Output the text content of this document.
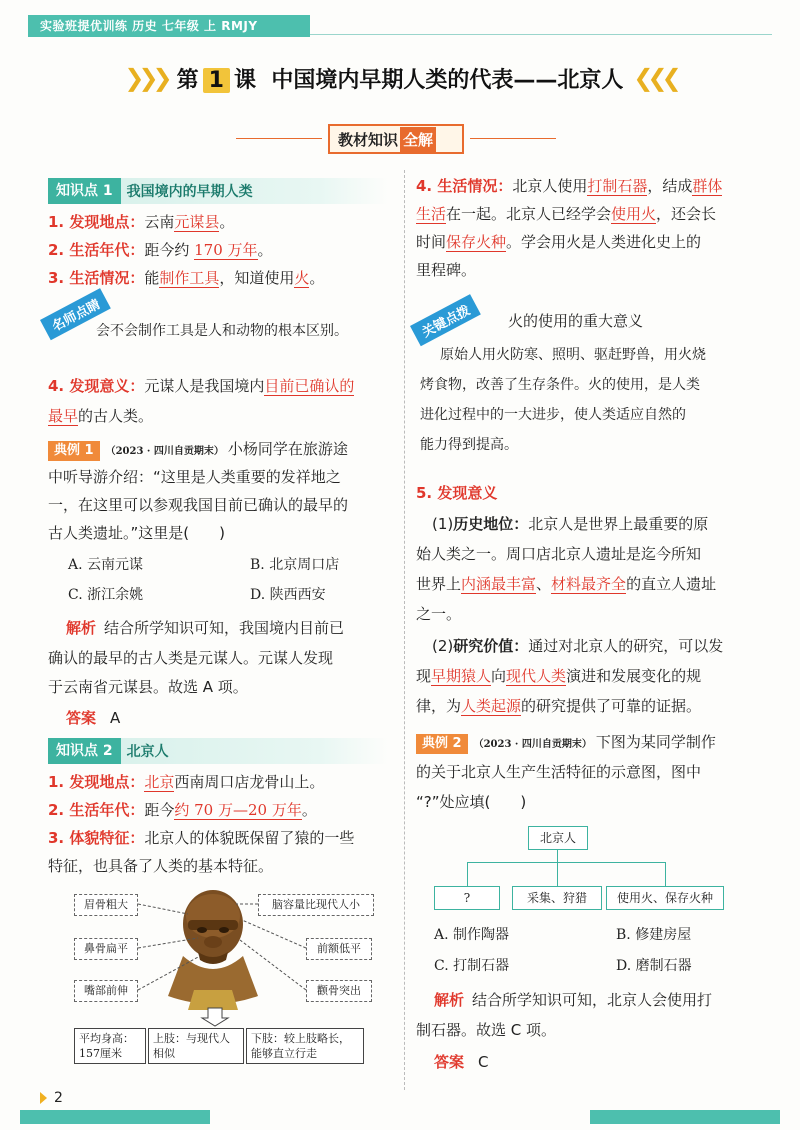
实验班提优训练 历史 七年级 上 RMJY
❯❯❯ 第 1 课 中国境内早期人类的代表——北京人 ❮❮❮
教材知识 全解
知识点 1	我国境内的早期人类
1. 发现地点：云南元谋县。
2. 生活年代：距今约 170 万年。
3. 生活情况：能制作工具，知道使用火。
名师点睛
会不会制作工具是人和动物的根本区别。
4. 发现意义：元谋人是我国境内目前已确认的
最早的古人类。
典例 1 （2023 · 四川自贡期末） 小杨同学在旅游途
中听导游介绍：“这里是人类重要的发祥地之
一，在这里可以参观我国目前已确认的最早的
古人类遗址。”这里是(　　)
A. 云南元谋	B. 北京周口店
C. 浙江余姚	D. 陕西西安
解析 结合所学知识可知，我国境内目前已
确认的最早的古人类是元谋人。元谋人发现
于云南省元谋县。故选 A 项。
答案 A
知识点 2	北京人
1. 发现地点：北京西南周口店龙骨山上。
2. 生活年代：距今约 70 万—20 万年。
3. 体貌特征：北京人的体貌既保留了猿的一些
特征，也具备了人类的基本特征。
眉骨粗大
鼻骨扁平
嘴部前伸
脑容量比现代人小
前额低平
颧骨突出
平均身高：
157厘米
上肢：与现代人
相似
下肢：较上肢略长，
能够直立行走
4. 生活情况：北京人使用打制石器，结成群体
生活在一起。北京人已经学会使用火，还会长
时间保存火种。学会用火是人类进化史上的
里程碑。
关键点拨	火的使用的重大意义
原始人用火防寒、照明、驱赶野兽，用火烧
烤食物，改善了生存条件。火的使用，是人类
进化过程中的一大进步，使人类适应自然的
能力得到提高。
5. 发现意义
(1)历史地位：北京人是世界上最重要的原
始人类之一。周口店北京人遗址是迄今所知
世界上内涵最丰富、材料最齐全的直立人遗址
之一。
(2)研究价值：通过对北京人的研究，可以发
现早期猿人向现代人类演进和发展变化的规
律，为人类起源的研究提供了可靠的证据。
典例 2 （2023 · 四川自贡期末） 下图为某同学制作
的关于北京人生产生活特征的示意图，图中
“?”处应填(　　)
北京人
?	采集、狩猎	使用火、保存火种
A. 制作陶器	B. 修建房屋
C. 打制石器	D. 磨制石器
解析 结合所学知识可知，北京人会使用打
制石器。故选 C 项。
答案 C
2
